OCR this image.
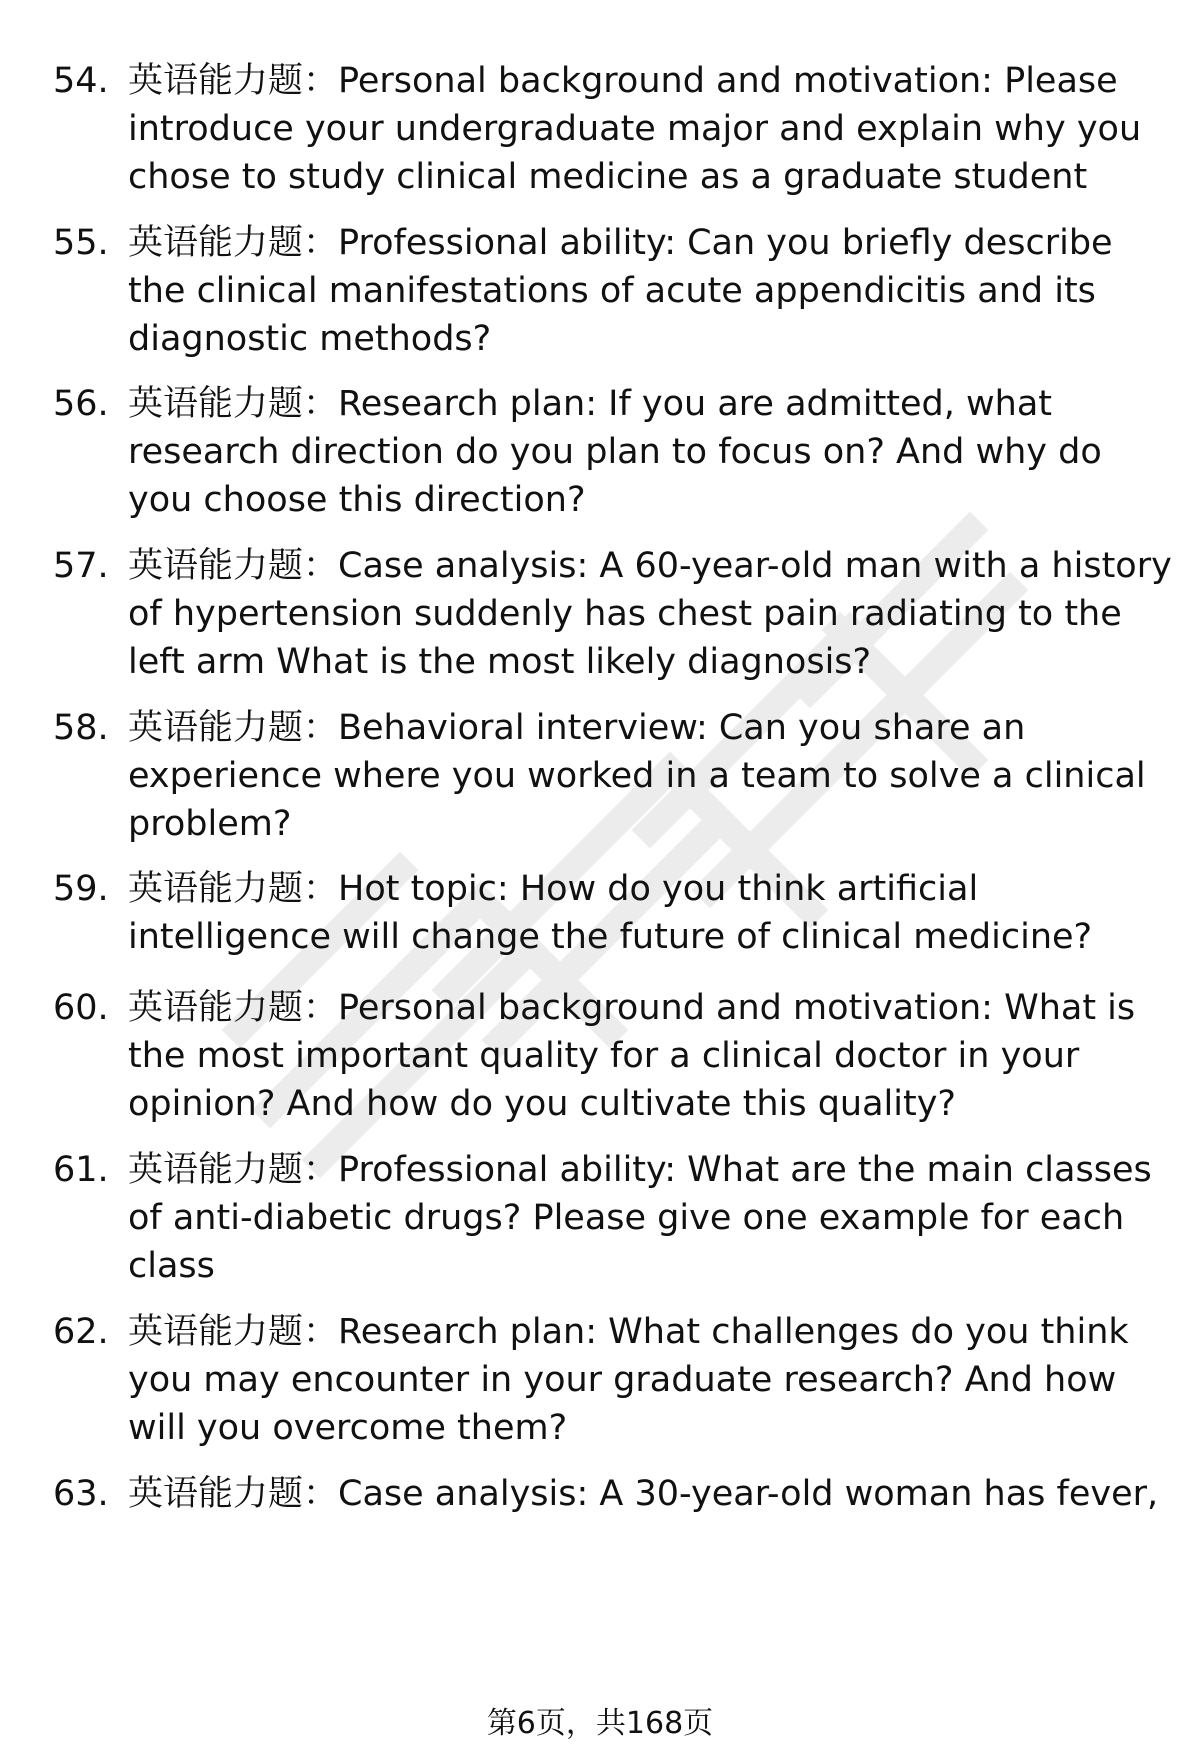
54. 英语能力题：Personal background and motivation: Please
introduce your undergraduate major and explain why you
chose to study clinical medicine as a graduate student
55. 英语能力题：Professional ability: Can you briefly describe
the clinical manifestations of acute appendicitis and its
diagnostic methods?
56. 英语能力题：Research plan: If you are admitted, what
research direction do you plan to focus on? And why do
you choose this direction?
57. 英语能力题：Case analysis: A 60-year-old man with a history
of hypertension suddenly has chest pain radiating to the
left arm What is the most likely diagnosis?
58. 英语能力题：Behavioral interview: Can you share an
experience where you worked in a team to solve a clinical
problem?
59. 英语能力题：Hot topic: How do you think artificial
intelligence will change the future of clinical medicine?
60. 英语能力题：Personal background and motivation: What is
the most important quality for a clinical doctor in your
opinion? And how do you cultivate this quality?
61. 英语能力题：Professional ability: What are the main classes
of anti-diabetic drugs? Please give one example for each
class
62. 英语能力题：Research plan: What challenges do you think
you may encounter in your graduate research? And how
will you overcome them?
63. 英语能力题：Case analysis: A 30-year-old woman has fever,
第6页，共168页
